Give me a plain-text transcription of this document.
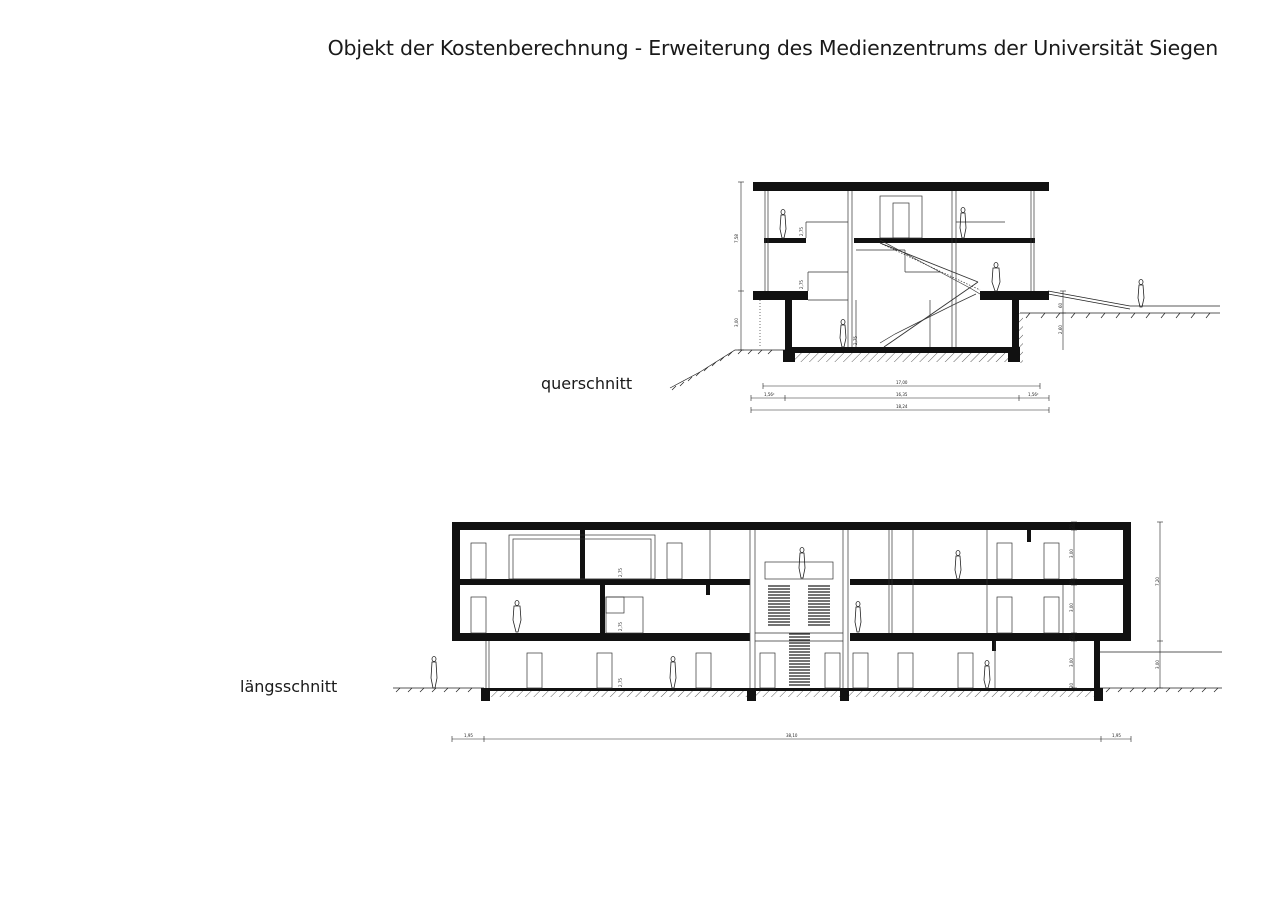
Objekt der Kostenberechnung - Erweiterung des Medienzentrums der Universität Siegen
querschnitt
längsschnitt
2,75
2,75
2,75
7,58
3,00
60
2,60
17,00
1,56²	16,35	1,56²
18,24
2,75
2,75
2,75
50
3,00
30
3,00
50
3,00
20
7,20
3,00
1,95	38,10	1,95
